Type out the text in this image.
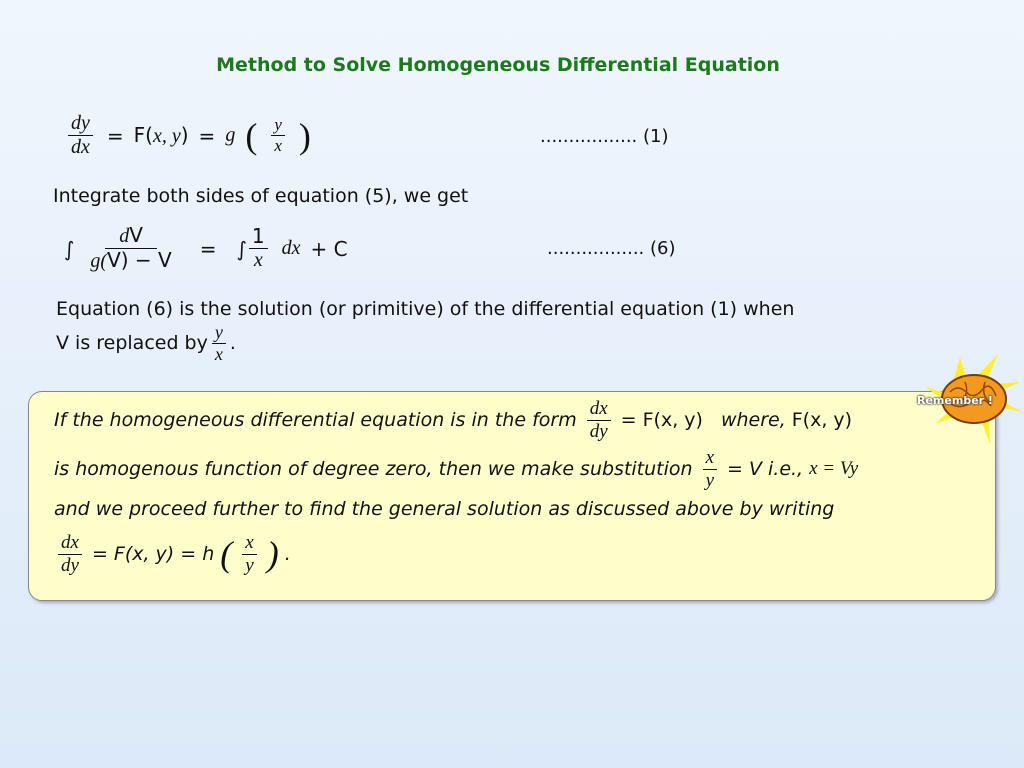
Method to Solve Homogeneous Differential Equation
$\frac{dy}{dx} = F(x$, y) = g ( $\frac{y}{x}$ )	................. (1)
Integrate both sides of equation (5), we get
∫ $\frac{dV}{g(V) - V}$ = ∫ $\frac{1}{x}$ dx + C	................. (6)
Equation (6) is the solution (or primitive) of the differential equation (1) when
V is replaced by $\frac{y}{x}$ .
If the homogeneous differential equation is in the form $\frac{dx}{dy} = F(x$, y) where, F(x, y)
is homogenous function of degree zero, then we make substitution $\frac{x}{y} = V$ i.e., x = Vy
and we proceed further to find the general solution as discussed above by writing
$\frac{dx}{dy} = F(x$, y) = h ( $\frac{x}{y}$ ) .
Remember !
